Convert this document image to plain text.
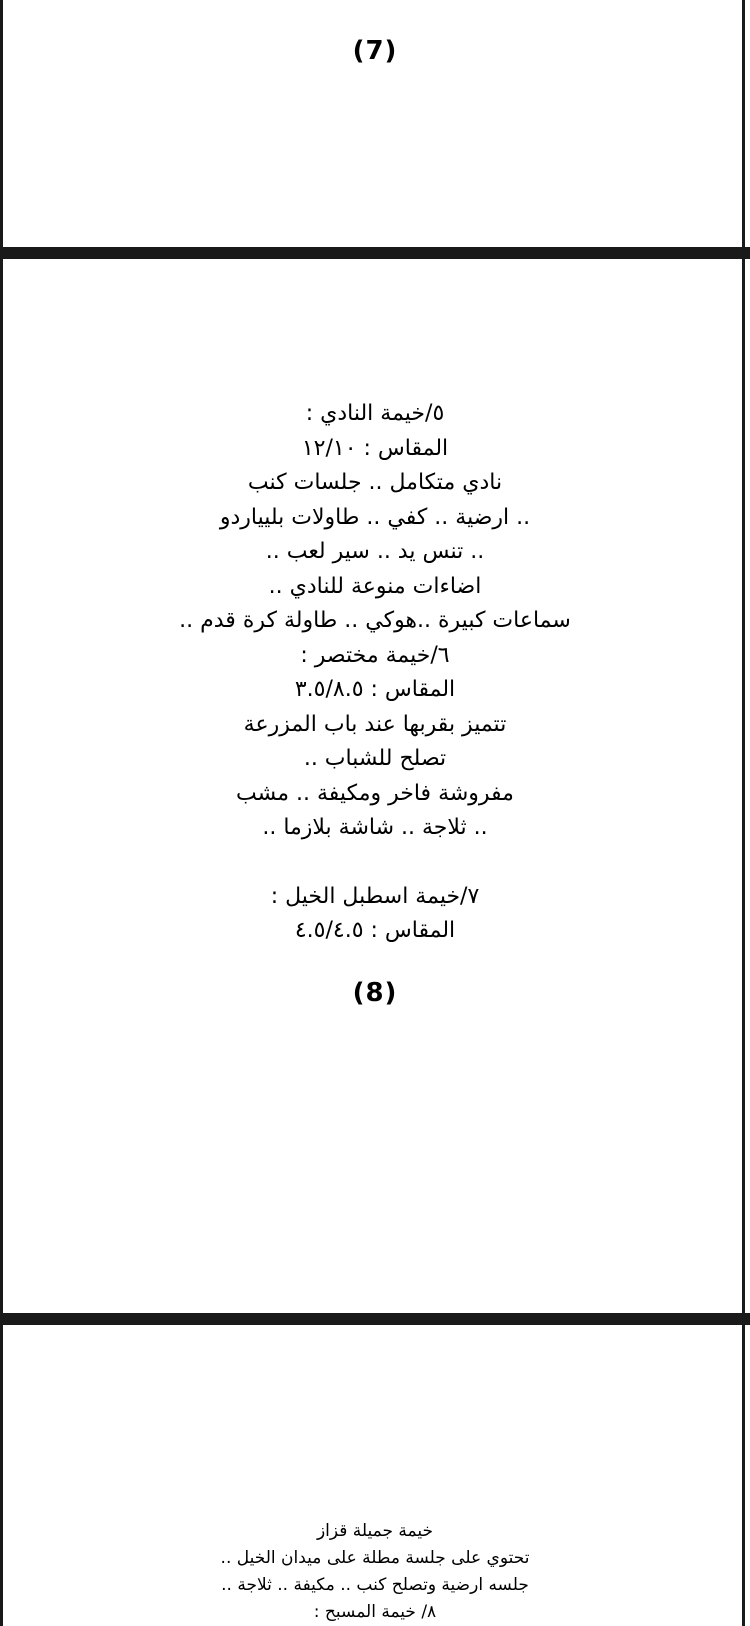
(7)
٥/خيمة النادي :
المقاس : ١٢/١٠
نادي متكامل .. جلسات كنب
.. ارضية .. كفي .. طاولات بليياردو
.. تنس يد .. سير لعب ..
اضاءات منوعة للنادي ..
سماعات كبيرة ..هوكي .. طاولة كرة قدم ..
٦/خيمة مختصر :
المقاس : ٣.٥/٨.٥
تتميز بقربها عند باب المزرعة
تصلح للشباب ..
مفروشة فاخر ومكيفة .. مشب
.. ثلاجة .. شاشة بلازما ..
٧/خيمة اسطبل الخيل :
المقاس : ٤.٥/٤.٥
(8)
خيمة جميلة قزاز
تحتوي على جلسة مطلة على ميدان الخيل ..
جلسه ارضية وتصلح كنب .. مكيفة .. ثلاجة ..
٨/ خيمة المسبح :
